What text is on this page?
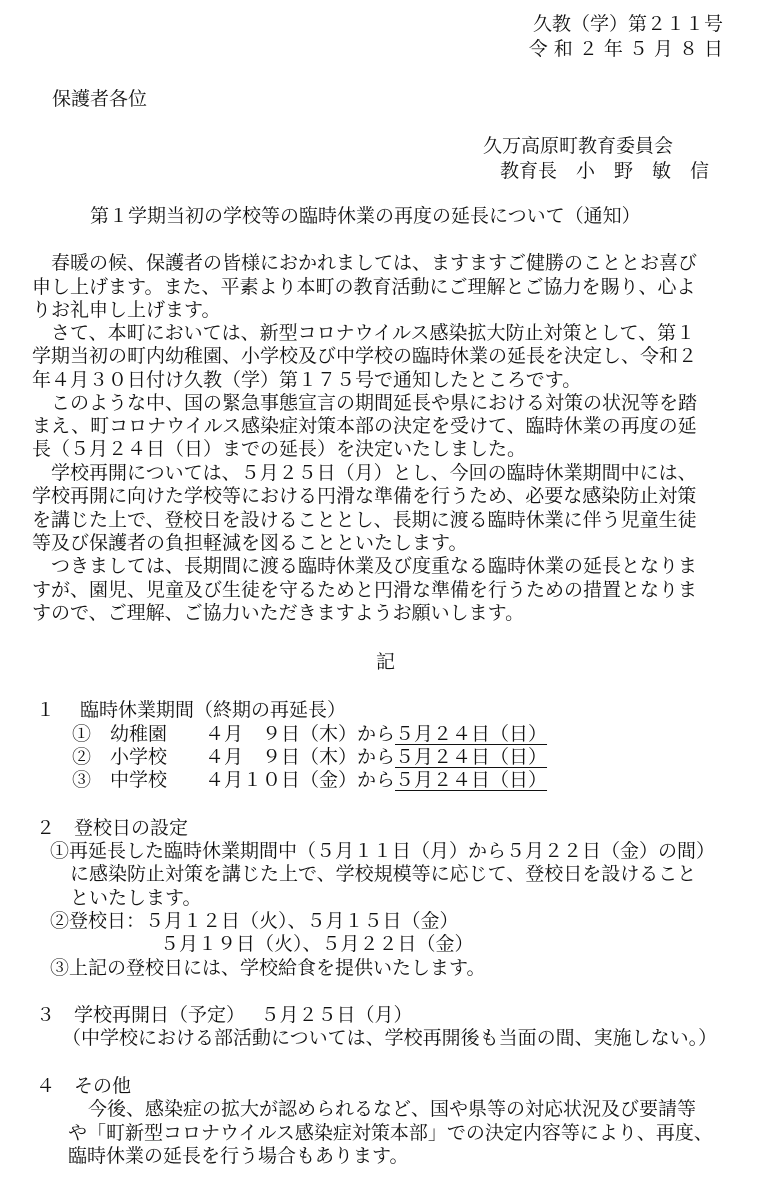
久教（学）第２１１号
令 和 ２ 年 ５ 月 ８ 日
保護者各位
久万高原町教育委員会
教育長　小　野　敏　信
第１学期当初の学校等の臨時休業の再度の延長について（通知）
　春暖の候、保護者の皆様におかれましては、ますますご健勝のこととお喜び
申し上げます。また、平素より本町の教育活動にご理解とご協力を賜り、心よ
りお礼申し上げます。
　さて、本町においては、新型コロナウイルス感染拡大防止対策として、第１
学期当初の町内幼稚園、小学校及び中学校の臨時休業の延長を決定し、令和２
年４月３０日付け久教（学）第１７５号で通知したところです。
　このような中、国の緊急事態宣言の期間延長や県における対策の状況等を踏
まえ、町コロナウイルス感染症対策本部の決定を受けて、臨時休業の再度の延
長（５月２４日（日）までの延長）を決定いたしました。
　学校再開については、５月２５日（月）とし、今回の臨時休業期間中には、
学校再開に向けた学校等における円滑な準備を行うため、必要な感染防止対策
を講じた上で、登校日を設けることとし、長期に渡る臨時休業に伴う児童生徒
等及び保護者の負担軽減を図ることといたします。
　つきましては、長期間に渡る臨時休業及び度重なる臨時休業の延長となりま
すが、園児、児童及び生徒を守るためと円滑な準備を行うための措置となりま
すので、ご理解、ご協力いただきますようお願いします。
記
１　 臨時休業期間（終期の再延長）
①　幼稚園　　４月　９日（木）から５月２４日（日）
②　小学校　　４月　９日（木）から５月２４日（日）
③　中学校　　４月１０日（金）から５月２４日（日）
２　登校日の設定
①再延長した臨時休業期間中（５月１１日（月）から５月２２日（金）の間）
に感染防止対策を講じた上で、学校規模等に応じて、登校日を設けること
といたします。
②登校日：５月１２日（火）、５月１５日（金）
５月１９日（火）、５月２２日（金）
③上記の登校日には、学校給食を提供いたします。
３　学校再開日（予定）　 ５月２５日（月）
（中学校における部活動については、学校再開後も当面の間、実施しない。）
４　その他
今後、感染症の拡大が認められるなど、国や県等の対応状況及び要請等
や「町新型コロナウイルス感染症対策本部」での決定内容等により、再度、
臨時休業の延長を行う場合もあります。
